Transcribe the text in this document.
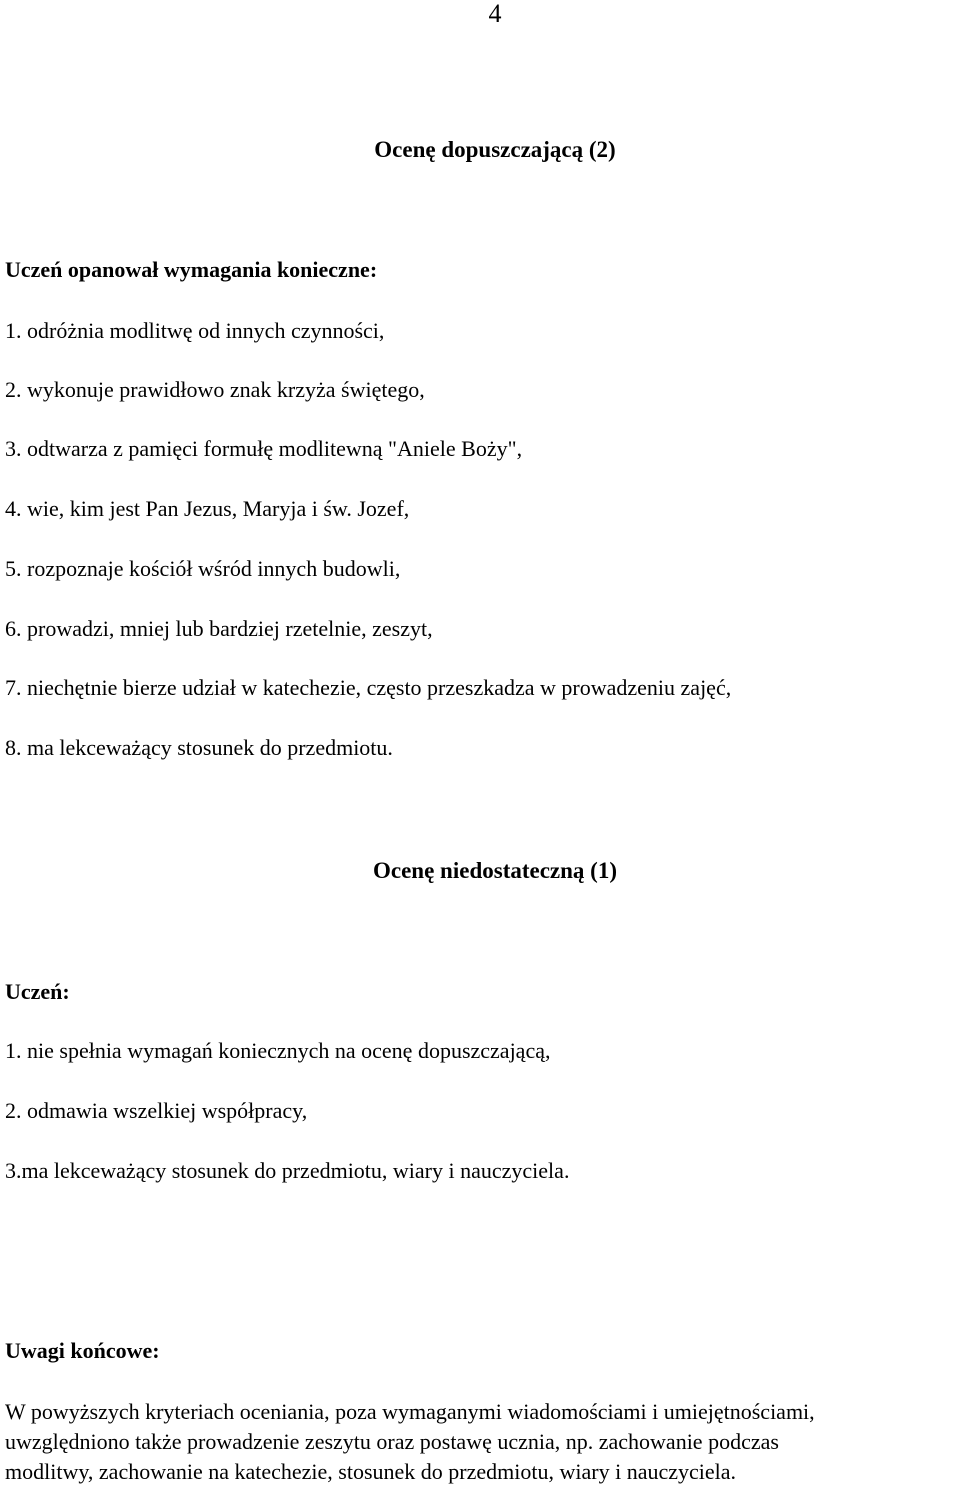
4
Ocenę dopuszczającą (2)
Uczeń opanował wymagania konieczne:
1. odróżnia modlitwę od innych czynności,
2. wykonuje prawidłowo znak krzyża świętego,
3. odtwarza z pamięci formułę modlitewną "Aniele Boży",
4. wie, kim jest Pan Jezus, Maryja i św. Jozef,
5. rozpoznaje kościół wśród innych budowli,
6. prowadzi, mniej lub bardziej rzetelnie, zeszyt,
7. niechętnie bierze udział w katechezie, często przeszkadza w prowadzeniu zajęć,
8. ma lekceważący stosunek do przedmiotu.
Ocenę niedostateczną (1)
Uczeń:
1. nie spełnia wymagań koniecznych na ocenę dopuszczającą,
2. odmawia wszelkiej współpracy,
3.ma lekceważący stosunek do przedmiotu, wiary i nauczyciela.
Uwagi końcowe:
W powyższych kryteriach oceniania, poza wymaganymi wiadomościami i umiejętnościami,
uwzględniono także prowadzenie zeszytu oraz postawę ucznia, np. zachowanie podczas
modlitwy, zachowanie na katechezie, stosunek do przedmiotu, wiary i nauczyciela.
